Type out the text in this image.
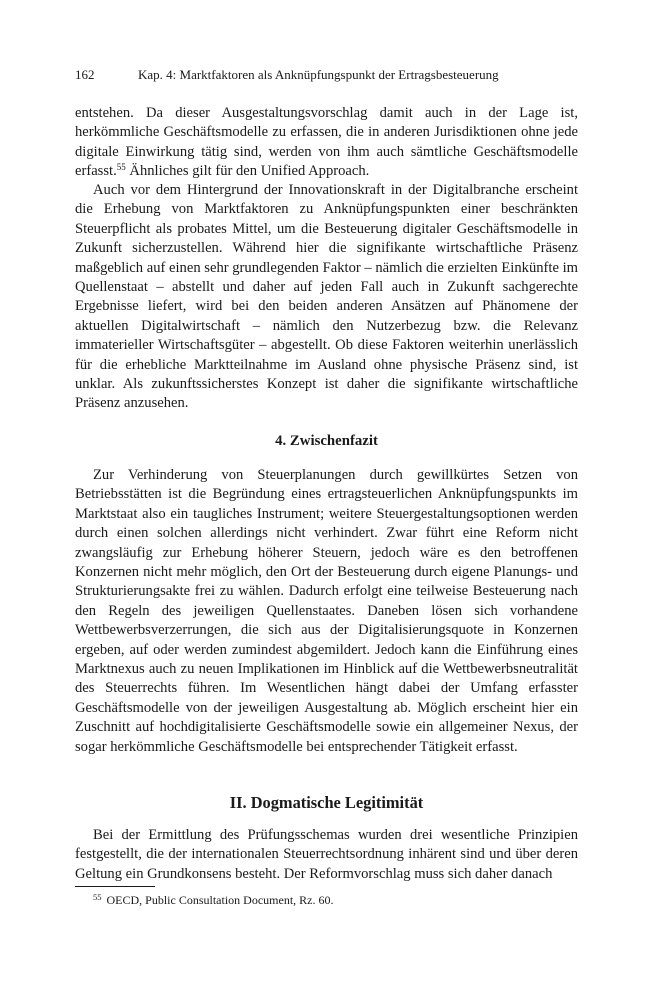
162	Kap. 4: Marktfaktoren als Anknüpfungspunkt der Ertragsbesteuerung

entstehen. Da dieser Ausgestaltungsvorschlag damit auch in der Lage ist, herkömmliche Geschäftsmodelle zu erfassen, die in anderen Jurisdiktionen ohne jede digitale Einwirkung tätig sind, werden von ihm auch sämtliche Geschäftsmodelle erfasst.$^{55}$ Ähnliches gilt für den Unified Approach.

Auch vor dem Hintergrund der Innovationskraft in der Digitalbranche erscheint die Erhebung von Marktfaktoren zu Anknüpfungspunkten einer beschränkten Steuerpflicht als probates Mittel, um die Besteuerung digitaler Geschäftsmodelle in Zukunft sicherzustellen. Während hier die signifikante wirtschaftliche Präsenz maßgeblich auf einen sehr grundlegenden Faktor – nämlich die erzielten Einkünfte im Quellenstaat – abstellt und daher auf jeden Fall auch in Zukunft sachgerechte Ergebnisse liefert, wird bei den beiden anderen Ansätzen auf Phänomene der aktuellen Digitalwirtschaft – nämlich den Nutzerbezug bzw. die Relevanz immaterieller Wirtschaftsgüter – abgestellt. Ob diese Faktoren weiterhin unerlässlich für die erhebliche Marktteilnahme im Ausland ohne physische Präsenz sind, ist unklar. Als zukunftssicherstes Konzept ist daher die signifikante wirtschaftliche Präsenz anzusehen.

4. Zwischenfazit

Zur Verhinderung von Steuerplanungen durch gewillkürtes Setzen von Betriebsstätten ist die Begründung eines ertragsteuerlichen Anknüpfungspunkts im Marktstaat also ein taugliches Instrument; weitere Steuergestaltungsoptionen werden durch einen solchen allerdings nicht verhindert. Zwar führt eine Reform nicht zwangsläufig zur Erhebung höherer Steuern, jedoch wäre es den betroffenen Konzernen nicht mehr möglich, den Ort der Besteuerung durch eigene Planungs- und Strukturierungsakte frei zu wählen. Dadurch erfolgt eine teilweise Besteuerung nach den Regeln des jeweiligen Quellenstaates. Daneben lösen sich vorhandene Wettbewerbsverzerrungen, die sich aus der Digitalisierungsquote in Konzernen ergeben, auf oder werden zumindest abgemildert. Jedoch kann die Einführung eines Marktnexus auch zu neuen Implikationen im Hinblick auf die Wettbewerbsneutralität des Steuerrechts führen. Im Wesentlichen hängt dabei der Umfang erfasster Geschäftsmodelle von der jeweiligen Ausgestaltung ab. Möglich erscheint hier ein Zuschnitt auf hochdigitalisierte Geschäftsmodelle sowie ein allgemeiner Nexus, der sogar herkömmliche Geschäftsmodelle bei entsprechender Tätigkeit erfasst.

II. Dogmatische Legitimität

Bei der Ermittlung des Prüfungsschemas wurden drei wesentliche Prinzipien festgestellt, die der internationalen Steuerrechtsordnung inhärent sind und über deren Geltung ein Grundkonsens besteht. Der Reformvorschlag muss sich daher danach

$^{55}$ OECD, Public Consultation Document, Rz. 60.
